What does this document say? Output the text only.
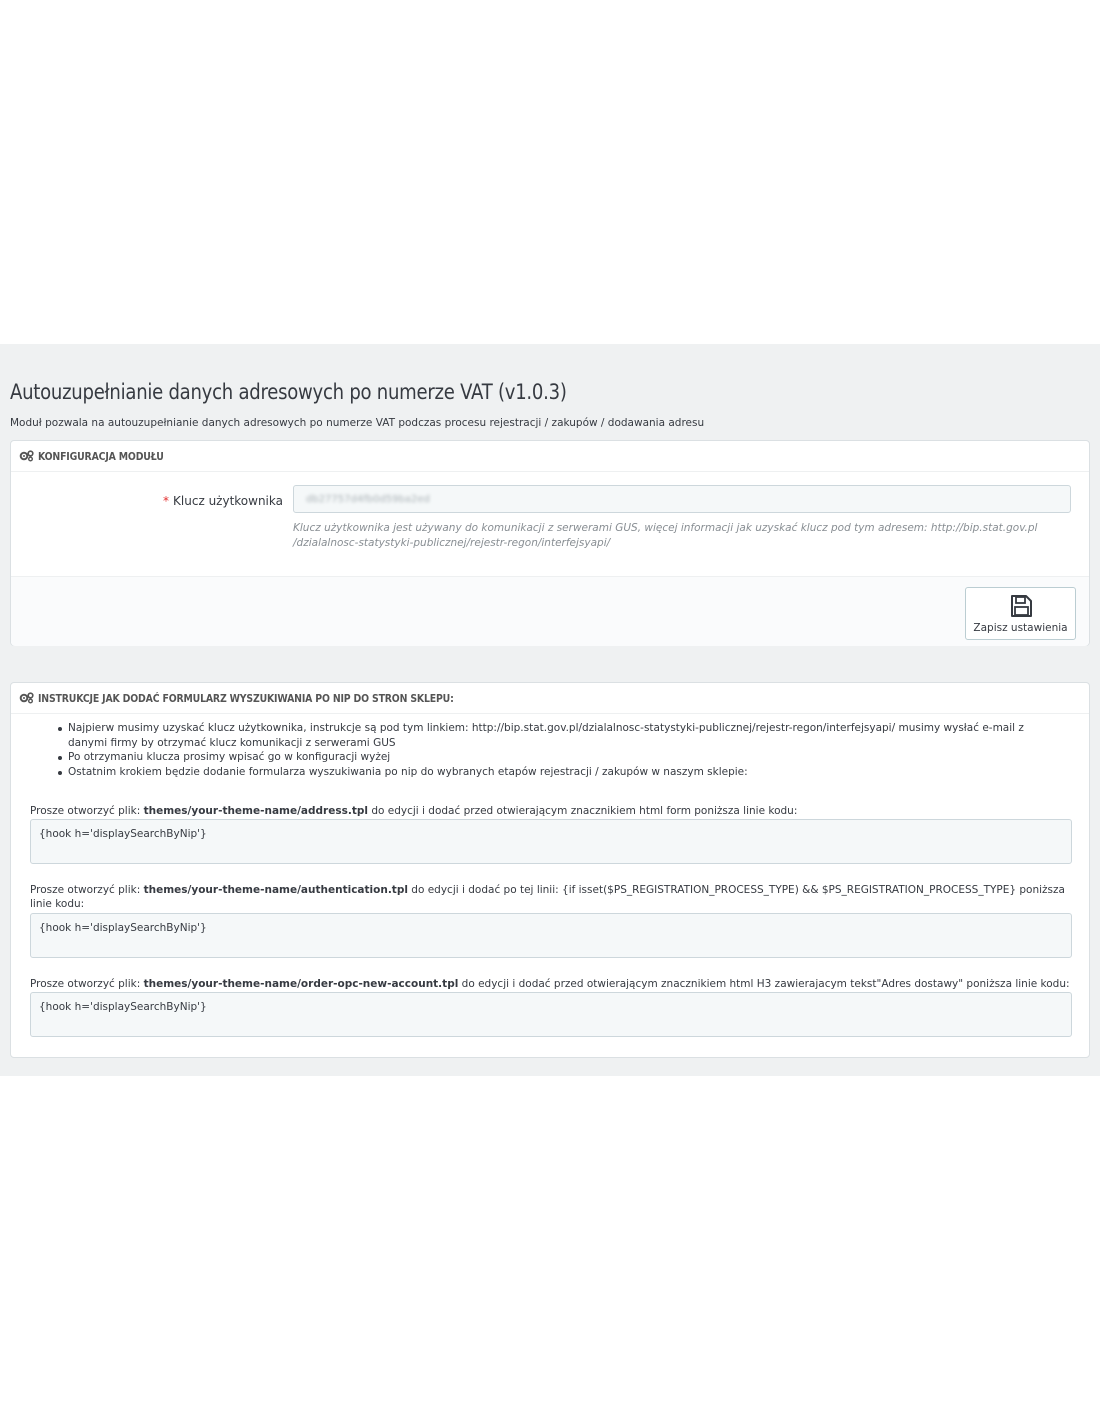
Autouzupełnianie danych adresowych po numerze VAT (v1.0.3)
Moduł pozwala na autouzupełnianie danych adresowych po numerze VAT podczas procesu rejestracji / zakupów / dodawania adresu
KONFIGURACJA MODUŁU
* Klucz użytkownika	db27757d4fb0d59ba2ed
Klucz użytkownika jest używany do komunikacji z serwerami GUS, więcej informacji jak uzyskać klucz pod tym adresem: http://bip.stat.gov.pl /dzialalnosc-statystyki-publicznej/rejestr-regon/interfejsyapi/
Zapisz ustawienia
INSTRUKCJE JAK DODAĆ FORMULARZ WYSZUKIWANIA PO NIP DO STRON SKLEPU:
Najpierw musimy uzyskać klucz użytkownika, instrukcje są pod tym linkiem: http://bip.stat.gov.pl/dzialalnosc-statystyki-publicznej/rejestr-regon/interfejsyapi/ musimy wysłać e-mail z danymi firmy by otrzymać klucz komunikacji z serwerami GUS
Po otrzymaniu klucza prosimy wpisać go w konfiguracji wyżej
Ostatnim krokiem będzie dodanie formularza wyszukiwania po nip do wybranych etapów rejestracji / zakupów w naszym sklepie:
Prosze otworzyć plik: themes/your-theme-name/address.tpl do edycji i dodać przed otwierającym znacznikiem html form poniższa linie kodu:
{hook h='displaySearchByNip'}
Prosze otworzyć plik: themes/your-theme-name/authentication.tpl do edycji i dodać po tej linii: {if isset($PS_REGISTRATION_PROCESS_TYPE) && $PS_REGISTRATION_PROCESS_TYPE} poniższa linie kodu:
{hook h='displaySearchByNip'}
Prosze otworzyć plik: themes/your-theme-name/order-opc-new-account.tpl do edycji i dodać przed otwierającym znacznikiem html H3 zawierajacym tekst"Adres dostawy" poniższa linie kodu:
{hook h='displaySearchByNip'}
